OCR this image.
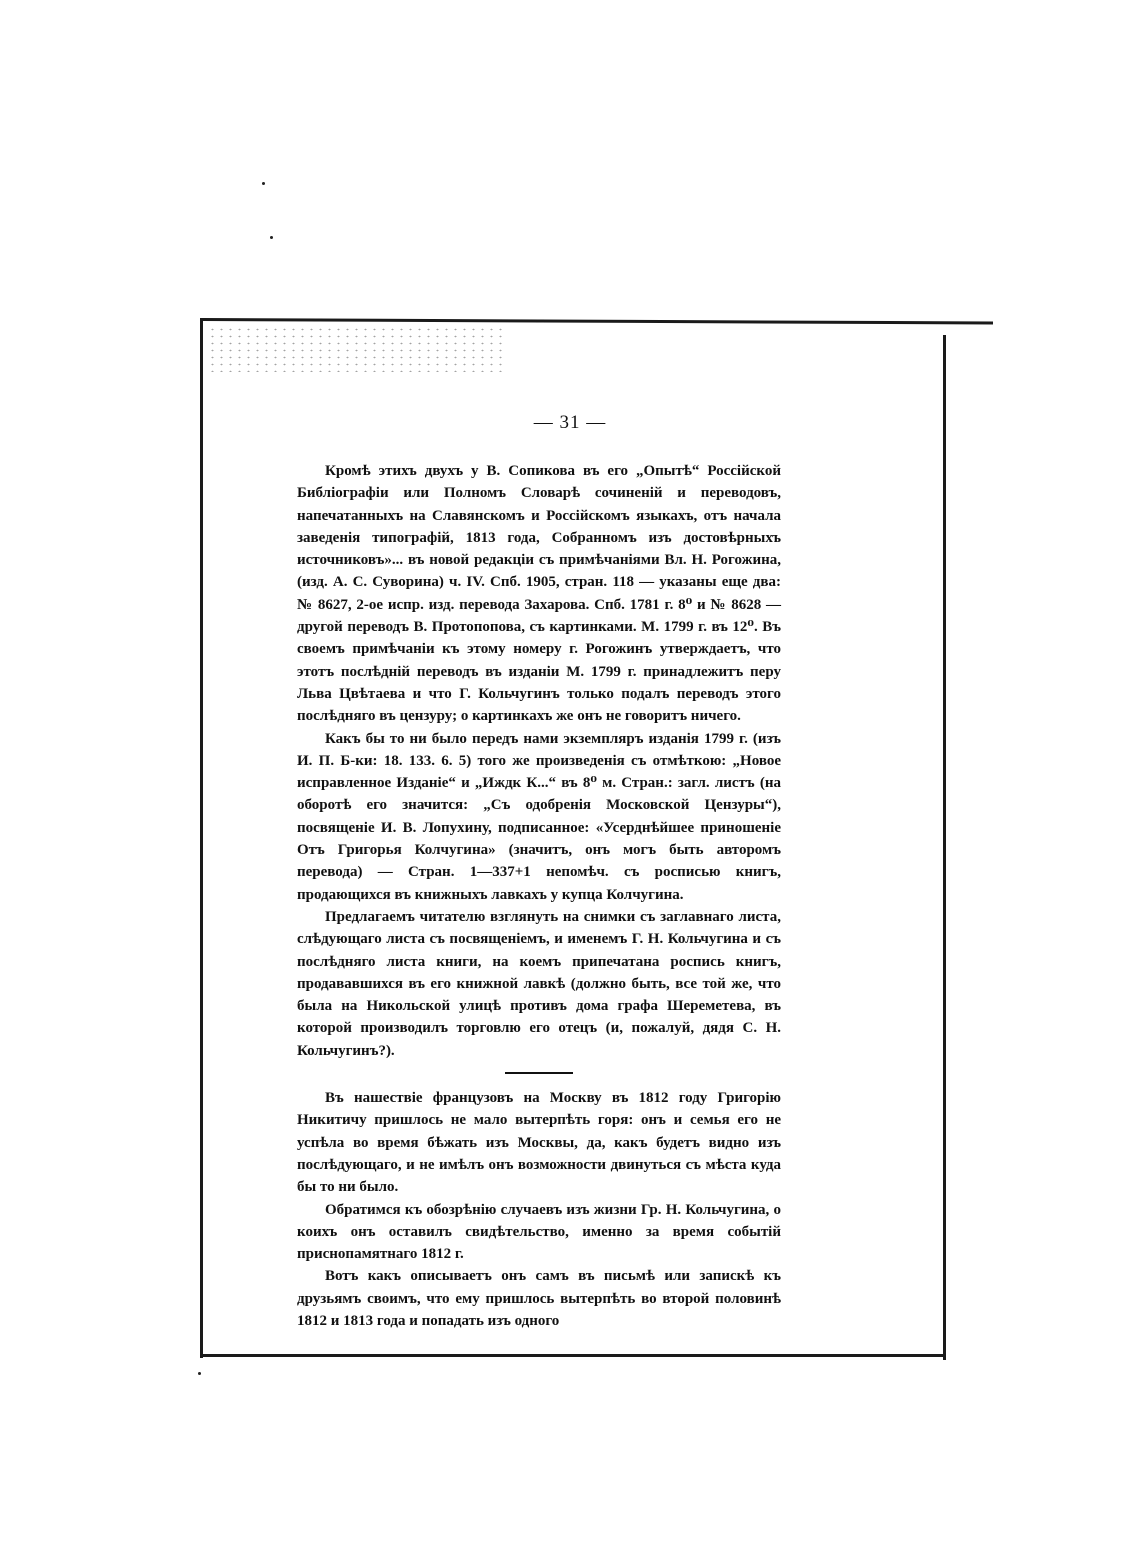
— 31 —

Кромѣ этихъ двухъ у В. Сопикова въ его „Опытѣ“ Россійской Библіографіи или Полномъ Словарѣ сочиненій и переводовъ, напечатанныхъ на Славянскомъ и Россійскомъ языкахъ, отъ начала заведенія типографій, 1813 года, Собранномъ изъ достовѣрныхъ источниковъ»... въ новой редакціи съ примѣчаніями Вл. Н. Рогожина, (изд. А. С. Суворина) ч. IV. Спб. 1905, стран. 118 — указаны еще два: № 8627, 2-ое испр. изд. перевода Захарова. Спб. 1781 г. 8⁰ и № 8628 — другой переводъ В. Протопопова, съ картинками. М. 1799 г. въ 12⁰. Въ своемъ примѣчаніи къ этому номеру г. Рогожинъ утверждаетъ, что этотъ послѣдній переводъ въ изданіи М. 1799 г. принадлежитъ перу Льва Цвѣтаева и что Г. Кольчугинъ только подалъ переводъ этого послѣдняго въ цензуру; о картинкахъ же онъ не говоритъ ничего.

Какъ бы то ни было передъ нами экземпляръ изданія 1799 г. (изъ И. П. Б-ки: 18. 133. 6. 5) того же произведенія съ отмѣткою: „Новое исправленное Изданіе“ и „Иждк К...“ въ 8⁰ м. Стран.: загл. листъ (на оборотѣ его значится: „Съ одобренія Московской Цензуры“), посвященіе И. В. Лопухину, подписанное: «Усерднѣйшее приношеніе Отъ Григорья Колчугина» (значитъ, онъ могъ быть авторомъ перевода) — Стран. 1—337+1 непомѣч. съ росписью книгъ, продающихся въ книжныхъ лавкахъ у купца Колчугина.

Предлагаемъ читателю взглянуть на снимки съ заглавнаго листа, слѣдующаго листа съ посвященіемъ, и именемъ Г. Н. Кольчугина и съ послѣдняго листа книги, на коемъ припечатана роспись книгъ, продававшихся въ его книжной лавкѣ (должно быть, все той же, что была на Никольской улицѣ противъ дома графа Шереметева, въ которой производилъ торговлю его отецъ (и, пожалуй, дядя С. Н. Кольчугинъ?).

Въ нашествіе французовъ на Москву въ 1812 году Григорію Никитичу пришлось не мало вытерпѣть горя: онъ и семья его не успѣла во время бѣжать изъ Москвы, да, какъ будетъ видно изъ послѣдующаго, и не имѣлъ онъ возможности двинуться съ мѣста куда бы то ни было.

Обратимся къ обозрѣнію случаевъ изъ жизни Гр. Н. Кольчугина, о коихъ онъ оставилъ свидѣтельство, именно за время событій приснопамятнаго 1812 г.

Вотъ какъ описываетъ онъ самъ въ письмѣ или запискѣ къ друзьямъ своимъ, что ему пришлось вытерпѣть во второй половинѣ 1812 и 1813 года и попадать изъ одного
